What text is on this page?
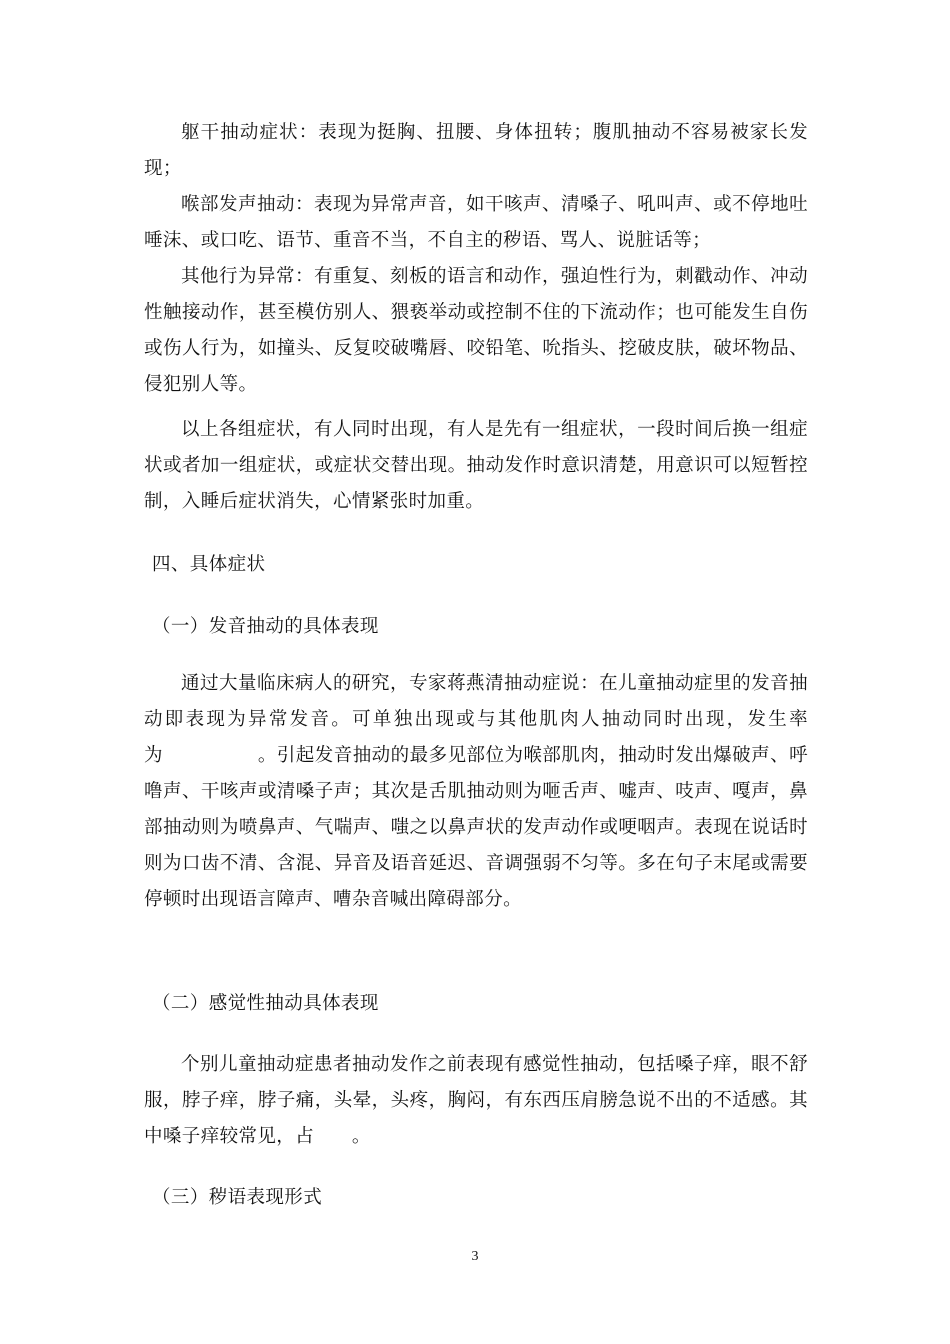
躯干抽动症状：表现为挺胸、扭腰、身体扭转；腹肌抽动不容易被家长发现；

喉部发声抽动：表现为异常声音，如干咳声、清嗓子、吼叫声、或不停地吐唾沫、或口吃、语节、重音不当，不自主的秽语、骂人、说脏话等；

其他行为异常：有重复、刻板的语言和动作，强迫性行为，刺戳动作、冲动性触接动作，甚至模仿别人、猥亵举动或控制不住的下流动作；也可能发生自伤或伤人行为，如撞头、反复咬破嘴唇、咬铅笔、吮指头、挖破皮肤，破坏物品、侵犯别人等。

以上各组症状，有人同时出现，有人是先有一组症状，一段时间后换一组症状或者加一组症状，或症状交替出现。抽动发作时意识清楚，用意识可以短暂控制，入睡后症状消失，心情紧张时加重。

四、具体症状

（一）发音抽动的具体表现

通过大量临床病人的研究，专家蒋燕清抽动症说：在儿童抽动症里的发音抽动即表现为异常发音。可单独出现或与其他肌肉人抽动同时出现，发生率为　　　　　。引起发音抽动的最多见部位为喉部肌肉，抽动时发出爆破声、呼噜声、干咳声或清嗓子声；其次是舌肌抽动则为咂舌声、嘘声、吱声、嘎声，鼻部抽动则为喷鼻声、气喘声、嗤之以鼻声状的发声动作或哽咽声。表现在说话时则为口齿不清、含混、异音及语音延迟、音调强弱不匀等。多在句子末尾或需要停顿时出现语言障声、嘈杂音喊出障碍部分。

（二）感觉性抽动具体表现

个别儿童抽动症患者抽动发作之前表现有感觉性抽动，包括嗓子痒，眼不舒服，脖子痒，脖子痛，头晕，头疼，胸闷，有东西压肩膀急说不出的不适感。其中嗓子痒较常见，占　　。

（三）秽语表现形式

3
